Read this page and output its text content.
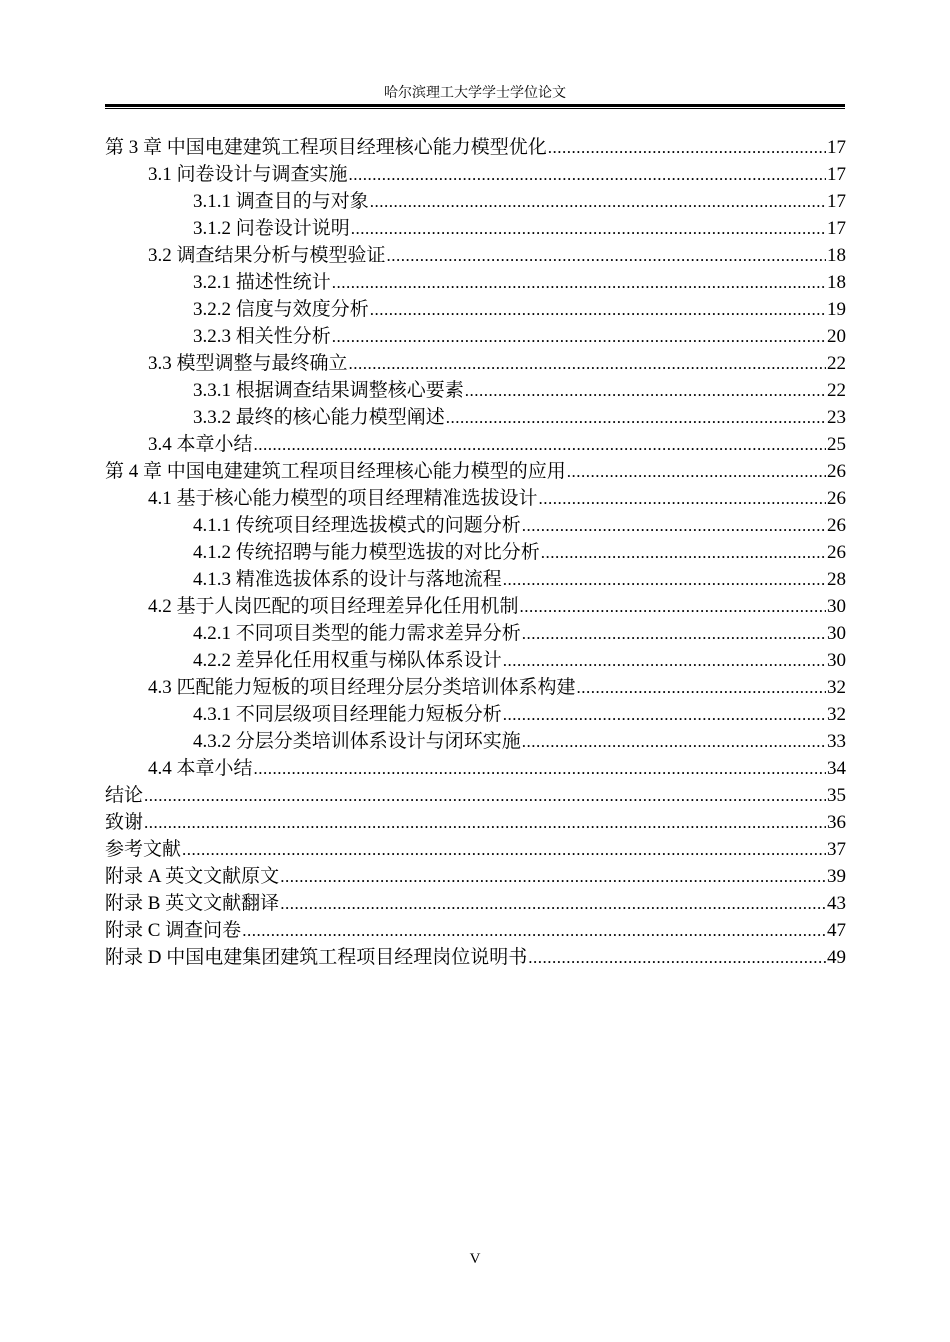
哈尔滨理工大学学士学位论文
第 3 章 中国电建建筑工程项目经理核心能力模型优化 .....	17
3.1 问卷设计与调查实施 .....	17
3.1.1 调查目的与对象 .....	17
3.1.2 问卷设计说明 .....	17
3.2 调查结果分析与模型验证 .....	18
3.2.1 描述性统计 .....	18
3.2.2 信度与效度分析 .....	19
3.2.3 相关性分析 .....	20
3.3 模型调整与最终确立 .....	22
3.3.1 根据调查结果调整核心要素 .....	22
3.3.2 最终的核心能力模型阐述 .....	23
3.4 本章小结 .....	25
第 4 章 中国电建建筑工程项目经理核心能力模型的应用 .....	26
4.1 基于核心能力模型的项目经理精准选拔设计 .....	26
4.1.1 传统项目经理选拔模式的问题分析 .....	26
4.1.2 传统招聘与能力模型选拔的对比分析 .....	26
4.1.3 精准选拔体系的设计与落地流程 .....	28
4.2 基于人岗匹配的项目经理差异化任用机制 .....	30
4.2.1 不同项目类型的能力需求差异分析 .....	30
4.2.2 差异化任用权重与梯队体系设计 .....	30
4.3 匹配能力短板的项目经理分层分类培训体系构建 .....	32
4.3.1 不同层级项目经理能力短板分析 .....	32
4.3.2 分层分类培训体系设计与闭环实施 .....	33
4.4 本章小结 .....	34
结论 .....	35
致谢 .....	36
参考文献 .....	37
附录 A 英文文献原文 .....	39
附录 B 英文文献翻译 .....	43
附录 C 调查问卷 .....	47
附录 D 中国电建集团建筑工程项目经理岗位说明书 .....	49
V
